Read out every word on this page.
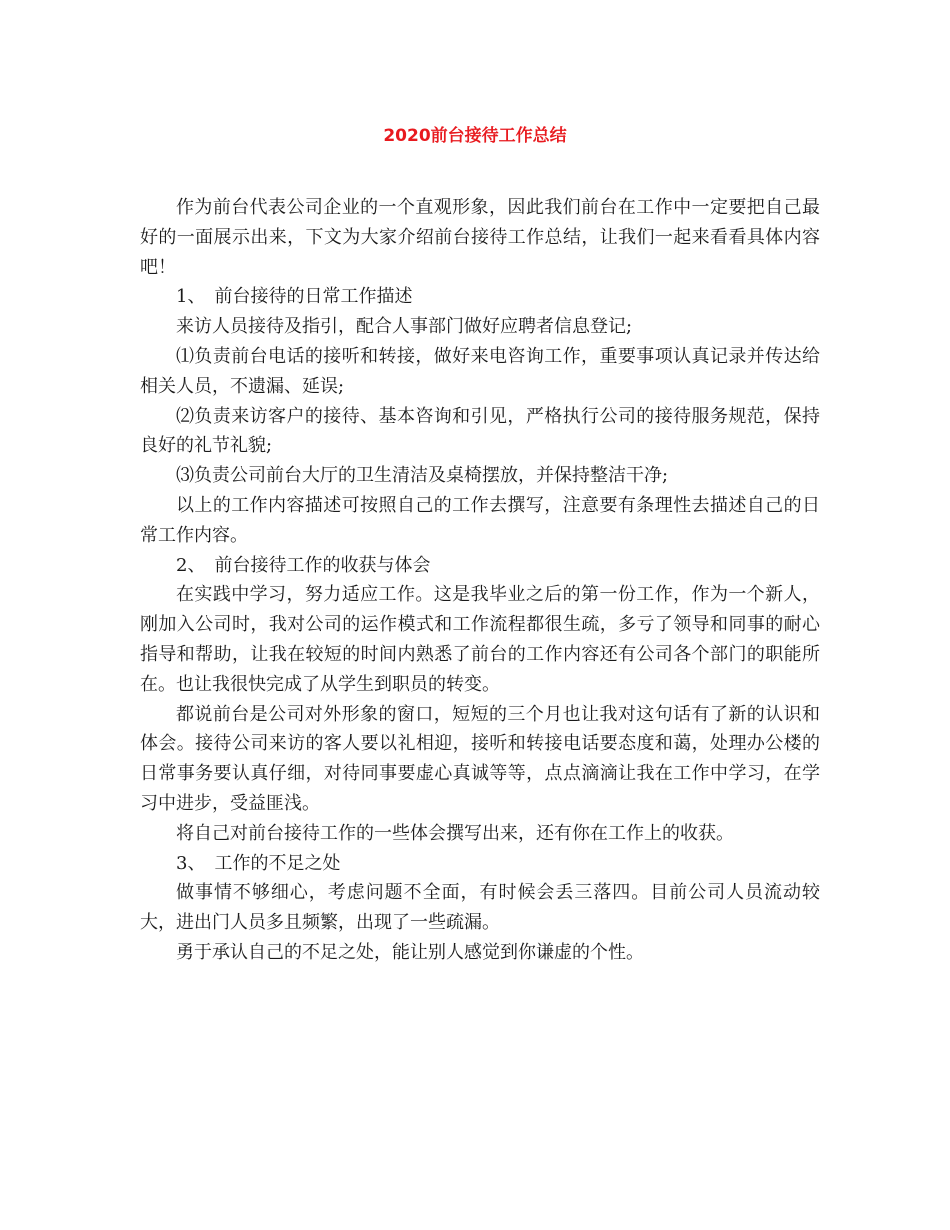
2020前台接待工作总结

作为前台代表公司企业的一个直观形象，因此我们前台在工作中一定要把自己最好的一面展示出来，下文为大家介绍前台接待工作总结，让我们一起来看看具体内容吧！

1、　前台接待的日常工作描述

来访人员接待及指引，配合人事部门做好应聘者信息登记;

⑴负责前台电话的接听和转接，做好来电咨询工作，重要事项认真记录并传达给相关人员，不遗漏、延误;

⑵负责来访客户的接待、基本咨询和引见，严格执行公司的接待服务规范，保持良好的礼节礼貌;

⑶负责公司前台大厅的卫生清洁及桌椅摆放，并保持整洁干净;

以上的工作内容描述可按照自己的工作去撰写，注意要有条理性去描述自己的日常工作内容。

2、　前台接待工作的收获与体会

在实践中学习，努力适应工作。这是我毕业之后的第一份工作，作为一个新人，刚加入公司时，我对公司的运作模式和工作流程都很生疏，多亏了领导和同事的耐心指导和帮助，让我在较短的时间内熟悉了前台的工作内容还有公司各个部门的职能所在。也让我很快完成了从学生到职员的转变。

都说前台是公司对外形象的窗口，短短的三个月也让我对这句话有了新的认识和体会。接待公司来访的客人要以礼相迎，接听和转接电话要态度和蔼，处理办公楼的日常事务要认真仔细，对待同事要虚心真诚等等，点点滴滴让我在工作中学习，在学习中进步，受益匪浅。

将自己对前台接待工作的一些体会撰写出来，还有你在工作上的收获。

3、　工作的不足之处

做事情不够细心，考虑问题不全面，有时候会丢三落四。目前公司人员流动较大，进出门人员多且频繁，出现了一些疏漏。

勇于承认自己的不足之处，能让别人感觉到你谦虚的个性。
